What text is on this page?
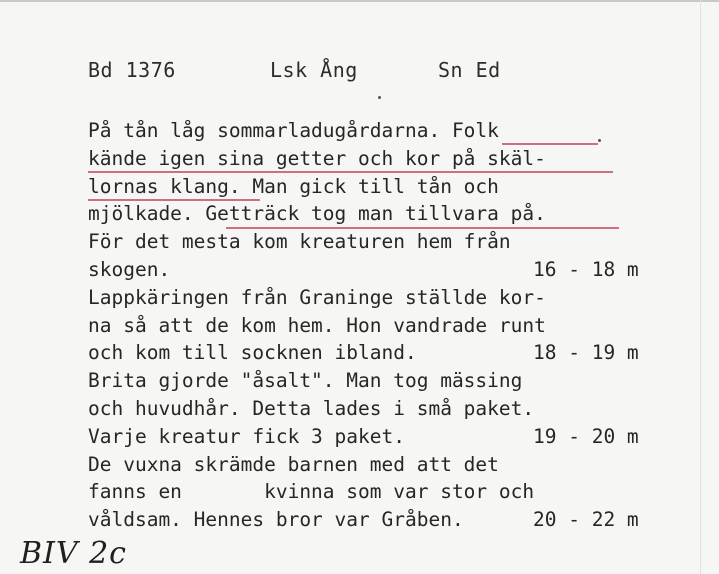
Bd 1376	Lsk Ång	Sn Ed

På tån låg sommarladugårdarna. Folk

kände igen sina getter och kor på skäl-

lornas klang. Man gick till tån och

mjölkade. Getträck tog man tillvara på.

För det mesta kom kreaturen hem från

skogen.

	16 - 18 m

Lappkäringen från Graninge ställde kor-

na så att de kom hem. Hon vandrade runt

och kom till socknen ibland.

	18 - 19 m

Brita gjorde "åsalt". Man tog mässing

och huvudhår. Detta lades i små paket.

Varje kreatur fick 3 paket.

	19 - 20 m

De vuxna skrämde barnen med att det

fanns en       kvinna som var stor och

våldsam. Hennes bror var Gråben.

	20 - 22 m

BIV 2c
